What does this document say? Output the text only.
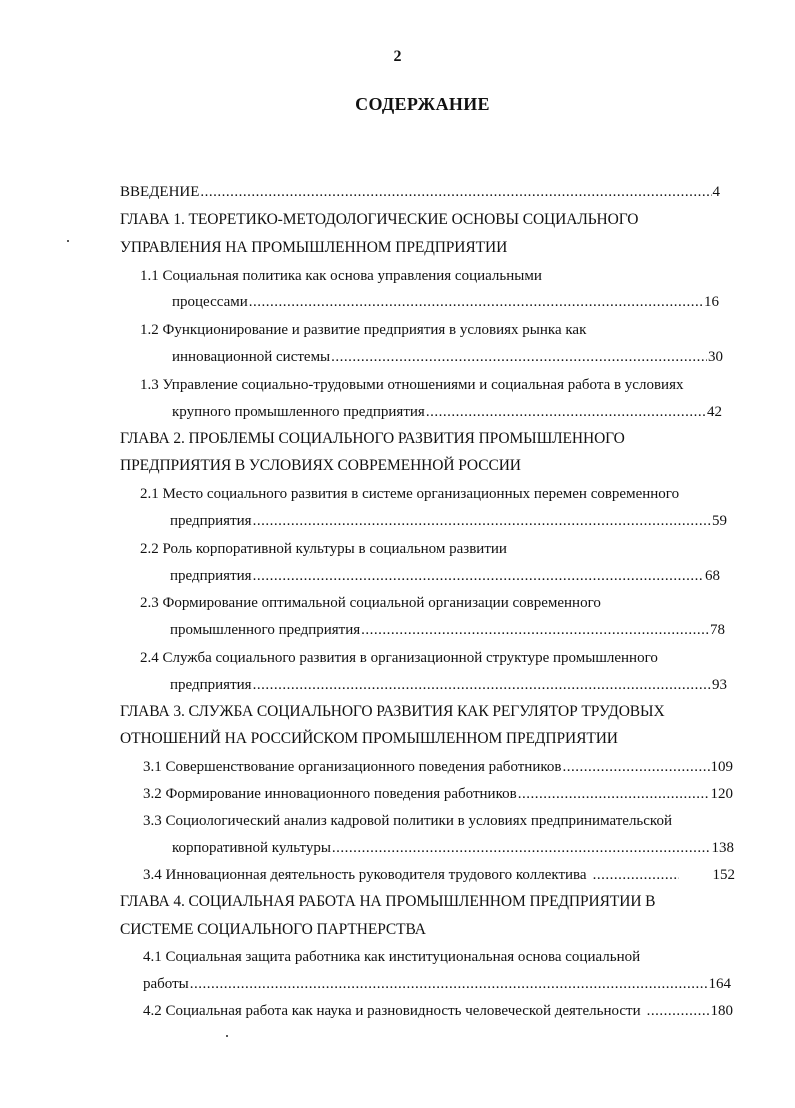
2
СОДЕРЖАНИЕ
ВВЕДЕНИЕ .....	4
ГЛАВА 1. ТЕОРЕТИКО-МЕТОДОЛОГИЧЕСКИЕ ОСНОВЫ СОЦИАЛЬНОГО
УПРАВЛЕНИЯ НА ПРОМЫШЛЕННОМ ПРЕДПРИЯТИИ
1.1 Социальная политика как основа управления социальными
процессами .....	16
1.2 Функционирование и развитие предприятия в условиях рынка как
инновационной системы .....	30
1.3 Управление социально-трудовыми отношениями и социальная работа в условиях
крупного промышленного предприятия .....	42
ГЛАВА 2. ПРОБЛЕМЫ СОЦИАЛЬНОГО РАЗВИТИЯ ПРОМЫШЛЕННОГО
ПРЕДПРИЯТИЯ В УСЛОВИЯХ СОВРЕМЕННОЙ РОССИИ
2.1 Место социального развития в системе организационных перемен современного
предприятия .....	59
2.2 Роль корпоративной культуры в социальном развитии
предприятия .....	68
2.3 Формирование оптимальной социальной организации современного
промышленного предприятия .....	78
2.4 Служба социального развития в организационной структуре промышленного
предприятия .....	93
ГЛАВА 3. СЛУЖБА СОЦИАЛЬНОГО РАЗВИТИЯ КАК РЕГУЛЯТОР ТРУДОВЫХ
ОТНОШЕНИЙ НА РОССИЙСКОМ ПРОМЫШЛЕННОМ ПРЕДПРИЯТИИ
3.1 Совершенствование организационного поведения работников .....	109
3.2 Формирование инновационного поведения работников .....	120
3.3 Социологический анализ кадровой политики в условиях предпринимательской
корпоративной культуры .....	138
3.4 Инновационная деятельность руководителя трудового коллектива .....	152
ГЛАВА 4. СОЦИАЛЬНАЯ РАБОТА НА ПРОМЫШЛЕННОМ ПРЕДПРИЯТИИ В
СИСТЕМЕ СОЦИАЛЬНОГО ПАРТНЕРСТВА
4.1 Социальная защита работника как институциональная основа социальной
работы .....	164
4.2 Социальная работа как наука и разновидность человеческой деятельности .....	180
